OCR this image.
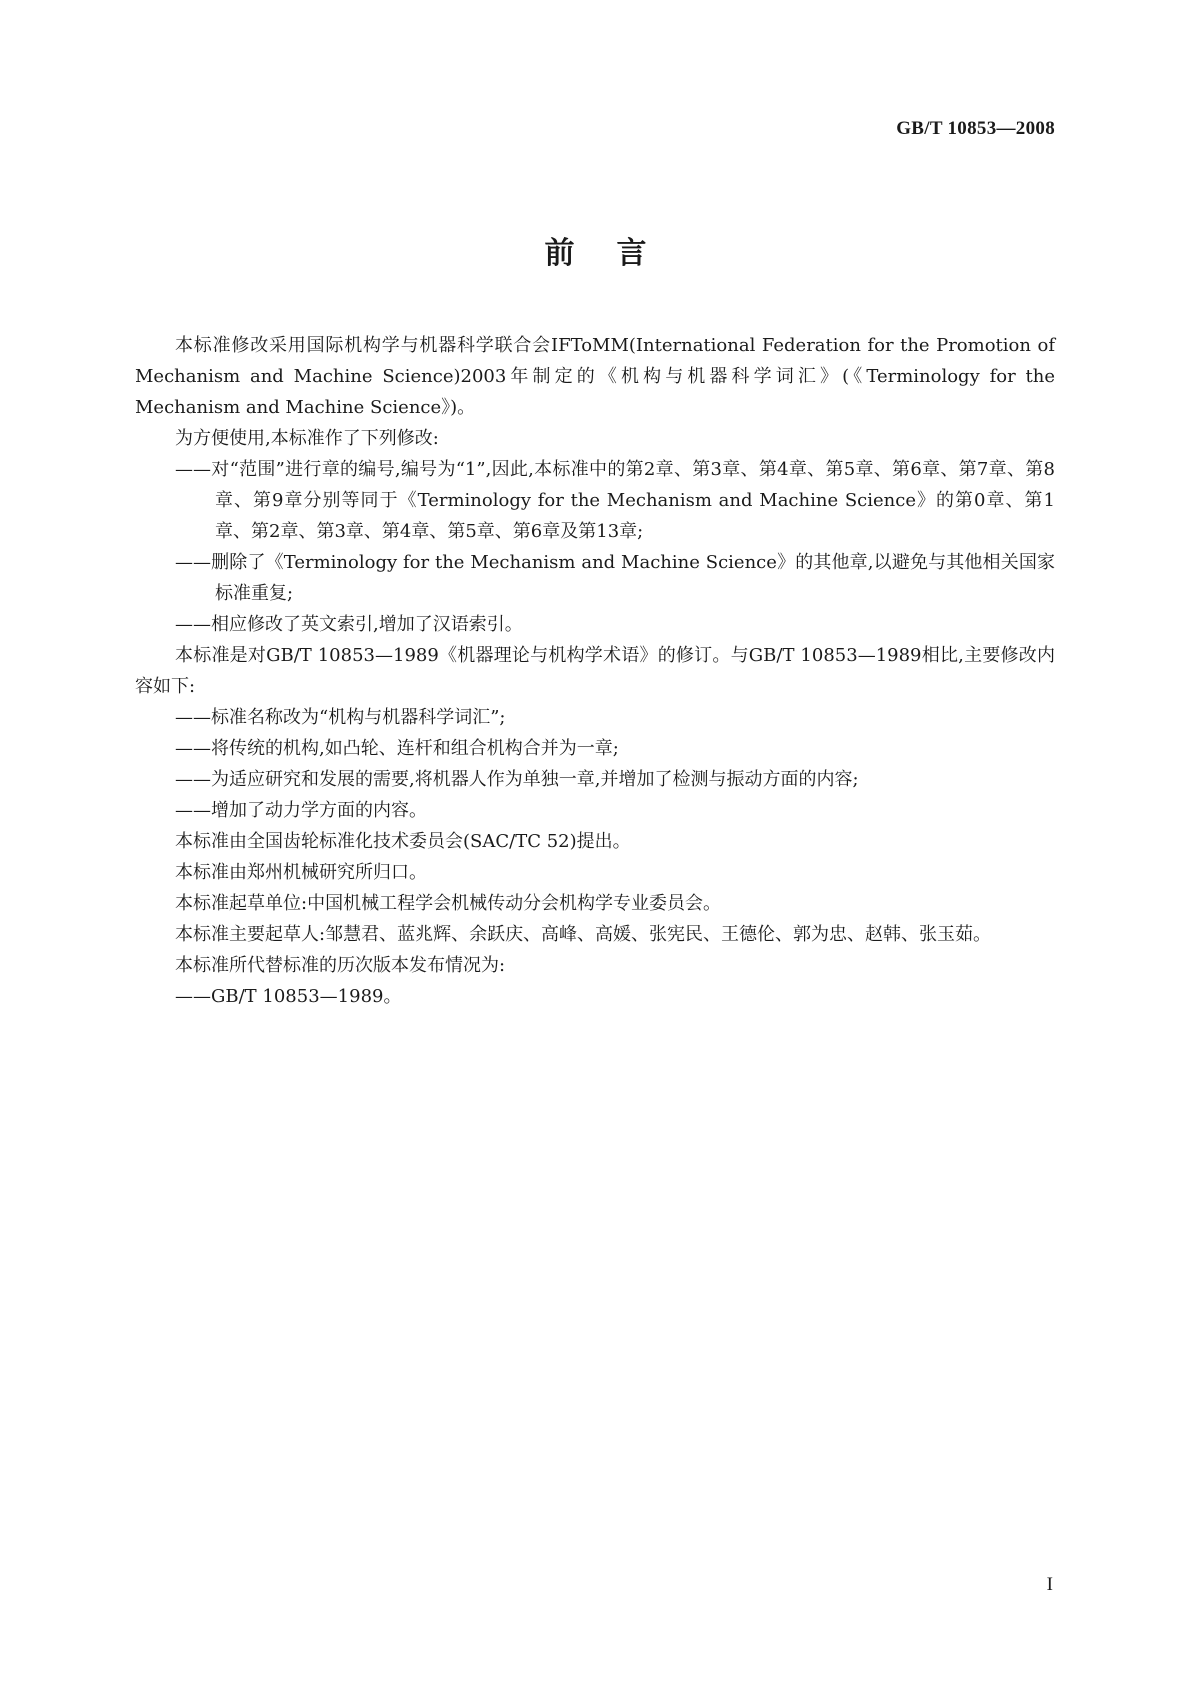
GB/T 10853—2008
前言

本标准修改采用国际机构学与机器科学联合会IFToMM(International Federation for the Promotion of Mechanism and Machine Science)2003年制定的《机构与机器科学词汇》(《Terminology for the Mechanism and Machine Science》)。

为方便使用,本标准作了下列修改:

——对“范围”进行章的编号,编号为“1”,因此,本标准中的第2章、第3章、第4章、第5章、第6章、第7章、第8章、第9章分别等同于《Terminology for the Mechanism and Machine Science》的第0章、第1章、第2章、第3章、第4章、第5章、第6章及第13章;

——删除了《Terminology for the Mechanism and Machine Science》的其他章,以避免与其他相关国家标准重复;

——相应修改了英文索引,增加了汉语索引。

本标准是对GB/T 10853—1989《机器理论与机构学术语》的修订。与GB/T 10853—1989相比,主要修改内容如下:

——标准名称改为“机构与机器科学词汇”;

——将传统的机构,如凸轮、连杆和组合机构合并为一章;

——为适应研究和发展的需要,将机器人作为单独一章,并增加了检测与振动方面的内容;

——增加了动力学方面的内容。

本标准由全国齿轮标准化技术委员会(SAC/TC 52)提出。

本标准由郑州机械研究所归口。

本标准起草单位:中国机械工程学会机械传动分会机构学专业委员会。

本标准主要起草人:邹慧君、蓝兆辉、余跃庆、高峰、高媛、张宪民、王德伦、郭为忠、赵韩、张玉茹。

本标准所代替标准的历次版本发布情况为:

——GB/T 10853—1989。

I
